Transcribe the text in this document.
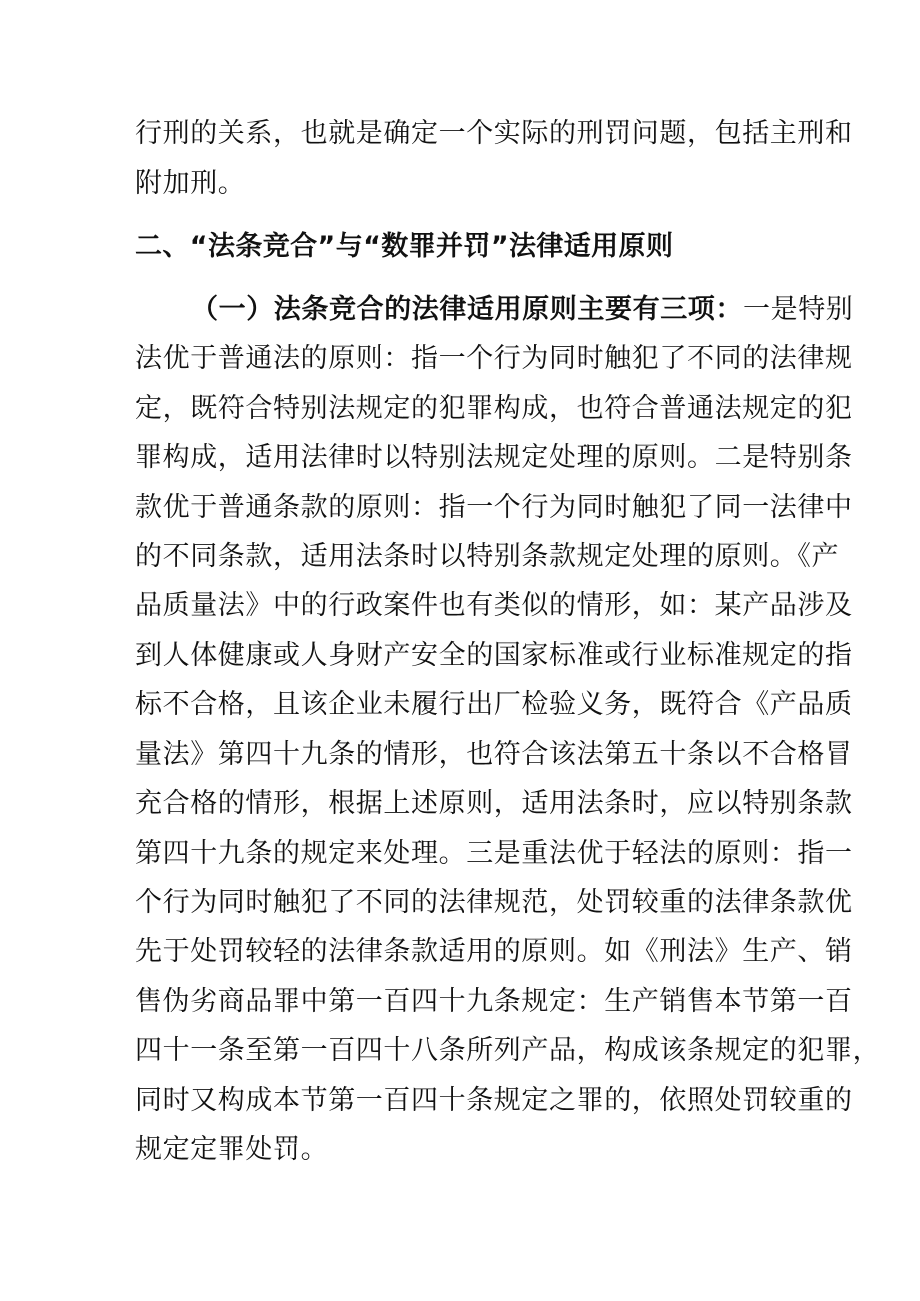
行刑的关系，也就是确定一个实际的刑罚问题，包括主刑和
附加刑。
二、“法条竞合”与“数罪并罚”法律适用原则
（一）法条竞合的法律适用原则主要有三项：一是特别
法优于普通法的原则：指一个行为同时触犯了不同的法律规
定，既符合特别法规定的犯罪构成，也符合普通法规定的犯
罪构成，适用法律时以特别法规定处理的原则。二是特别条
款优于普通条款的原则：指一个行为同时触犯了同一法律中
的不同条款，适用法条时以特别条款规定处理的原则。《产
品质量法》中的行政案件也有类似的情形，如：某产品涉及
到人体健康或人身财产安全的国家标准或行业标准规定的指
标不合格，且该企业未履行出厂检验义务，既符合《产品质
量法》第四十九条的情形，也符合该法第五十条以不合格冒
充合格的情形，根据上述原则，适用法条时，应以特别条款
第四十九条的规定来处理。三是重法优于轻法的原则：指一
个行为同时触犯了不同的法律规范，处罚较重的法律条款优
先于处罚较轻的法律条款适用的原则。如《刑法》生产、销
售伪劣商品罪中第一百四十九条规定：生产销售本节第一百
四十一条至第一百四十八条所列产品，构成该条规定的犯罪，
同时又构成本节第一百四十条规定之罪的，依照处罚较重的
规定定罪处罚。
